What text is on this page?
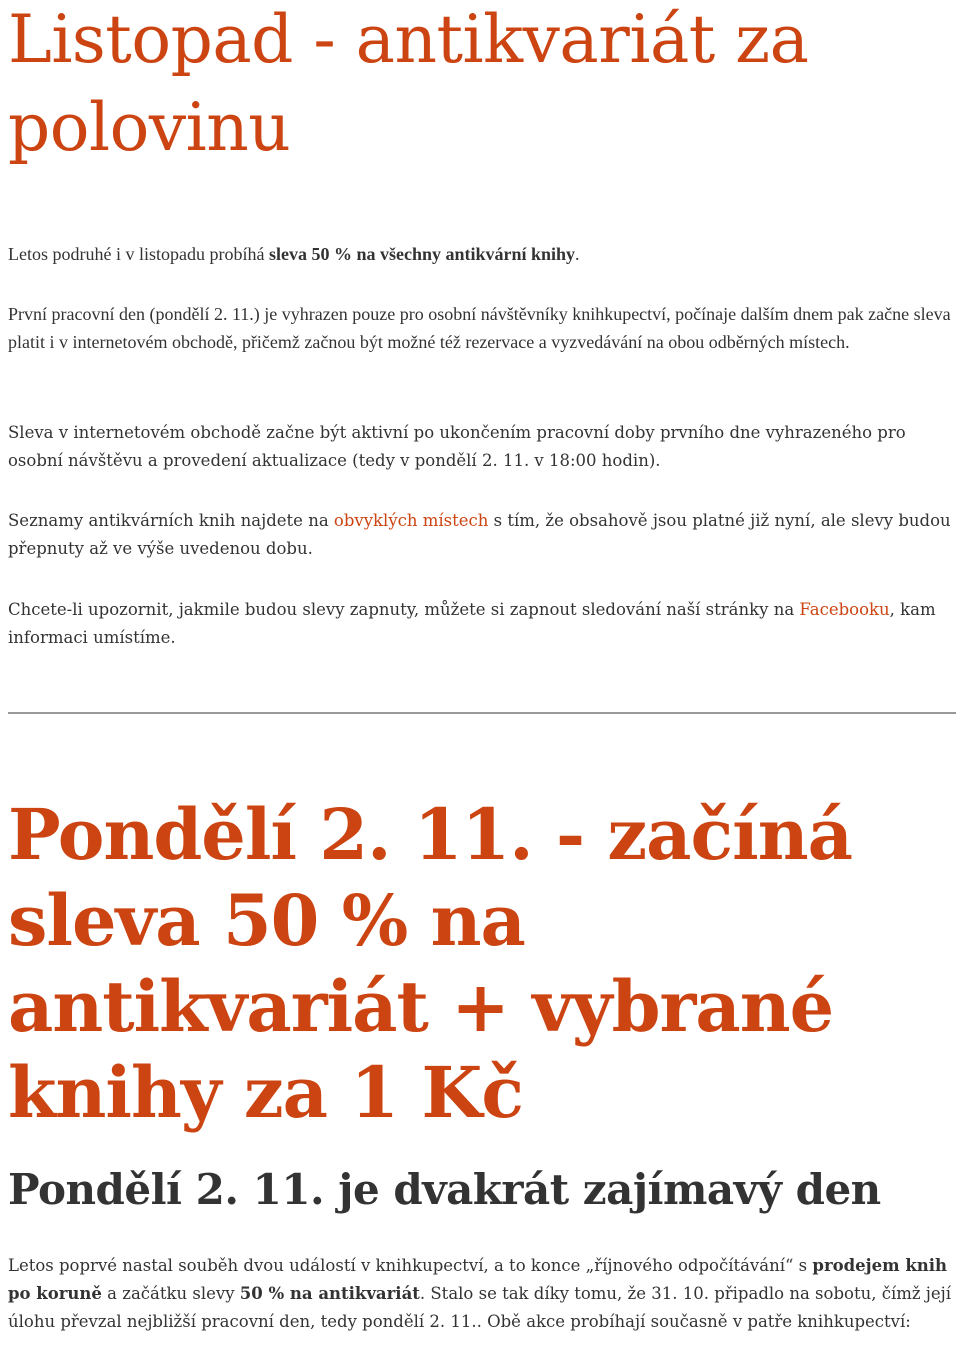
Listopad - antikvariát za polovinu

Letos podruhé i v listopadu probíhá sleva 50 % na všechny antikvární knihy.

První pracovní den (pondělí 2. 11.) je vyhrazen pouze pro osobní návštěvníky knihkupectví, počínaje dalším dnem pak začne sleva platit i v internetovém obchodě, přičemž začnou být možné též rezervace a vyzvedávání na obou odběrných místech.

Sleva v internetovém obchodě začne být aktivní po ukončením pracovní doby prvního dne vyhrazeného pro osobní návštěvu a provedení aktualizace (tedy v pondělí 2. 11. v 18:00 hodin).

Seznamy antikvárních knih najdete na obvyklých místech s tím, že obsahově jsou platné již nyní, ale slevy budou přepnuty až ve výše uvedenou dobu.

Chcete-li upozornit, jakmile budou slevy zapnuty, můžete si zapnout sledování naší stránky na Facebooku, kam informaci umístíme.

Pondělí 2. 11. - začíná sleva 50 % na antikvariát + vybrané knihy za 1 Kč
Pondělí 2. 11. je dvakrát zajímavý den

Letos poprvé nastal souběh dvou událostí v knihkupectví, a to konce „říjnového odpočítávání“ s prodejem knih po koruně a začátku slevy 50 % na antikvariát. Stalo se tak díky tomu, že 31. 10. připadlo na sobotu, čímž její úlohu převzal nejbližší pracovní den, tedy pondělí 2. 11.. Obě akce probíhají současně v patře knihkupectví:
